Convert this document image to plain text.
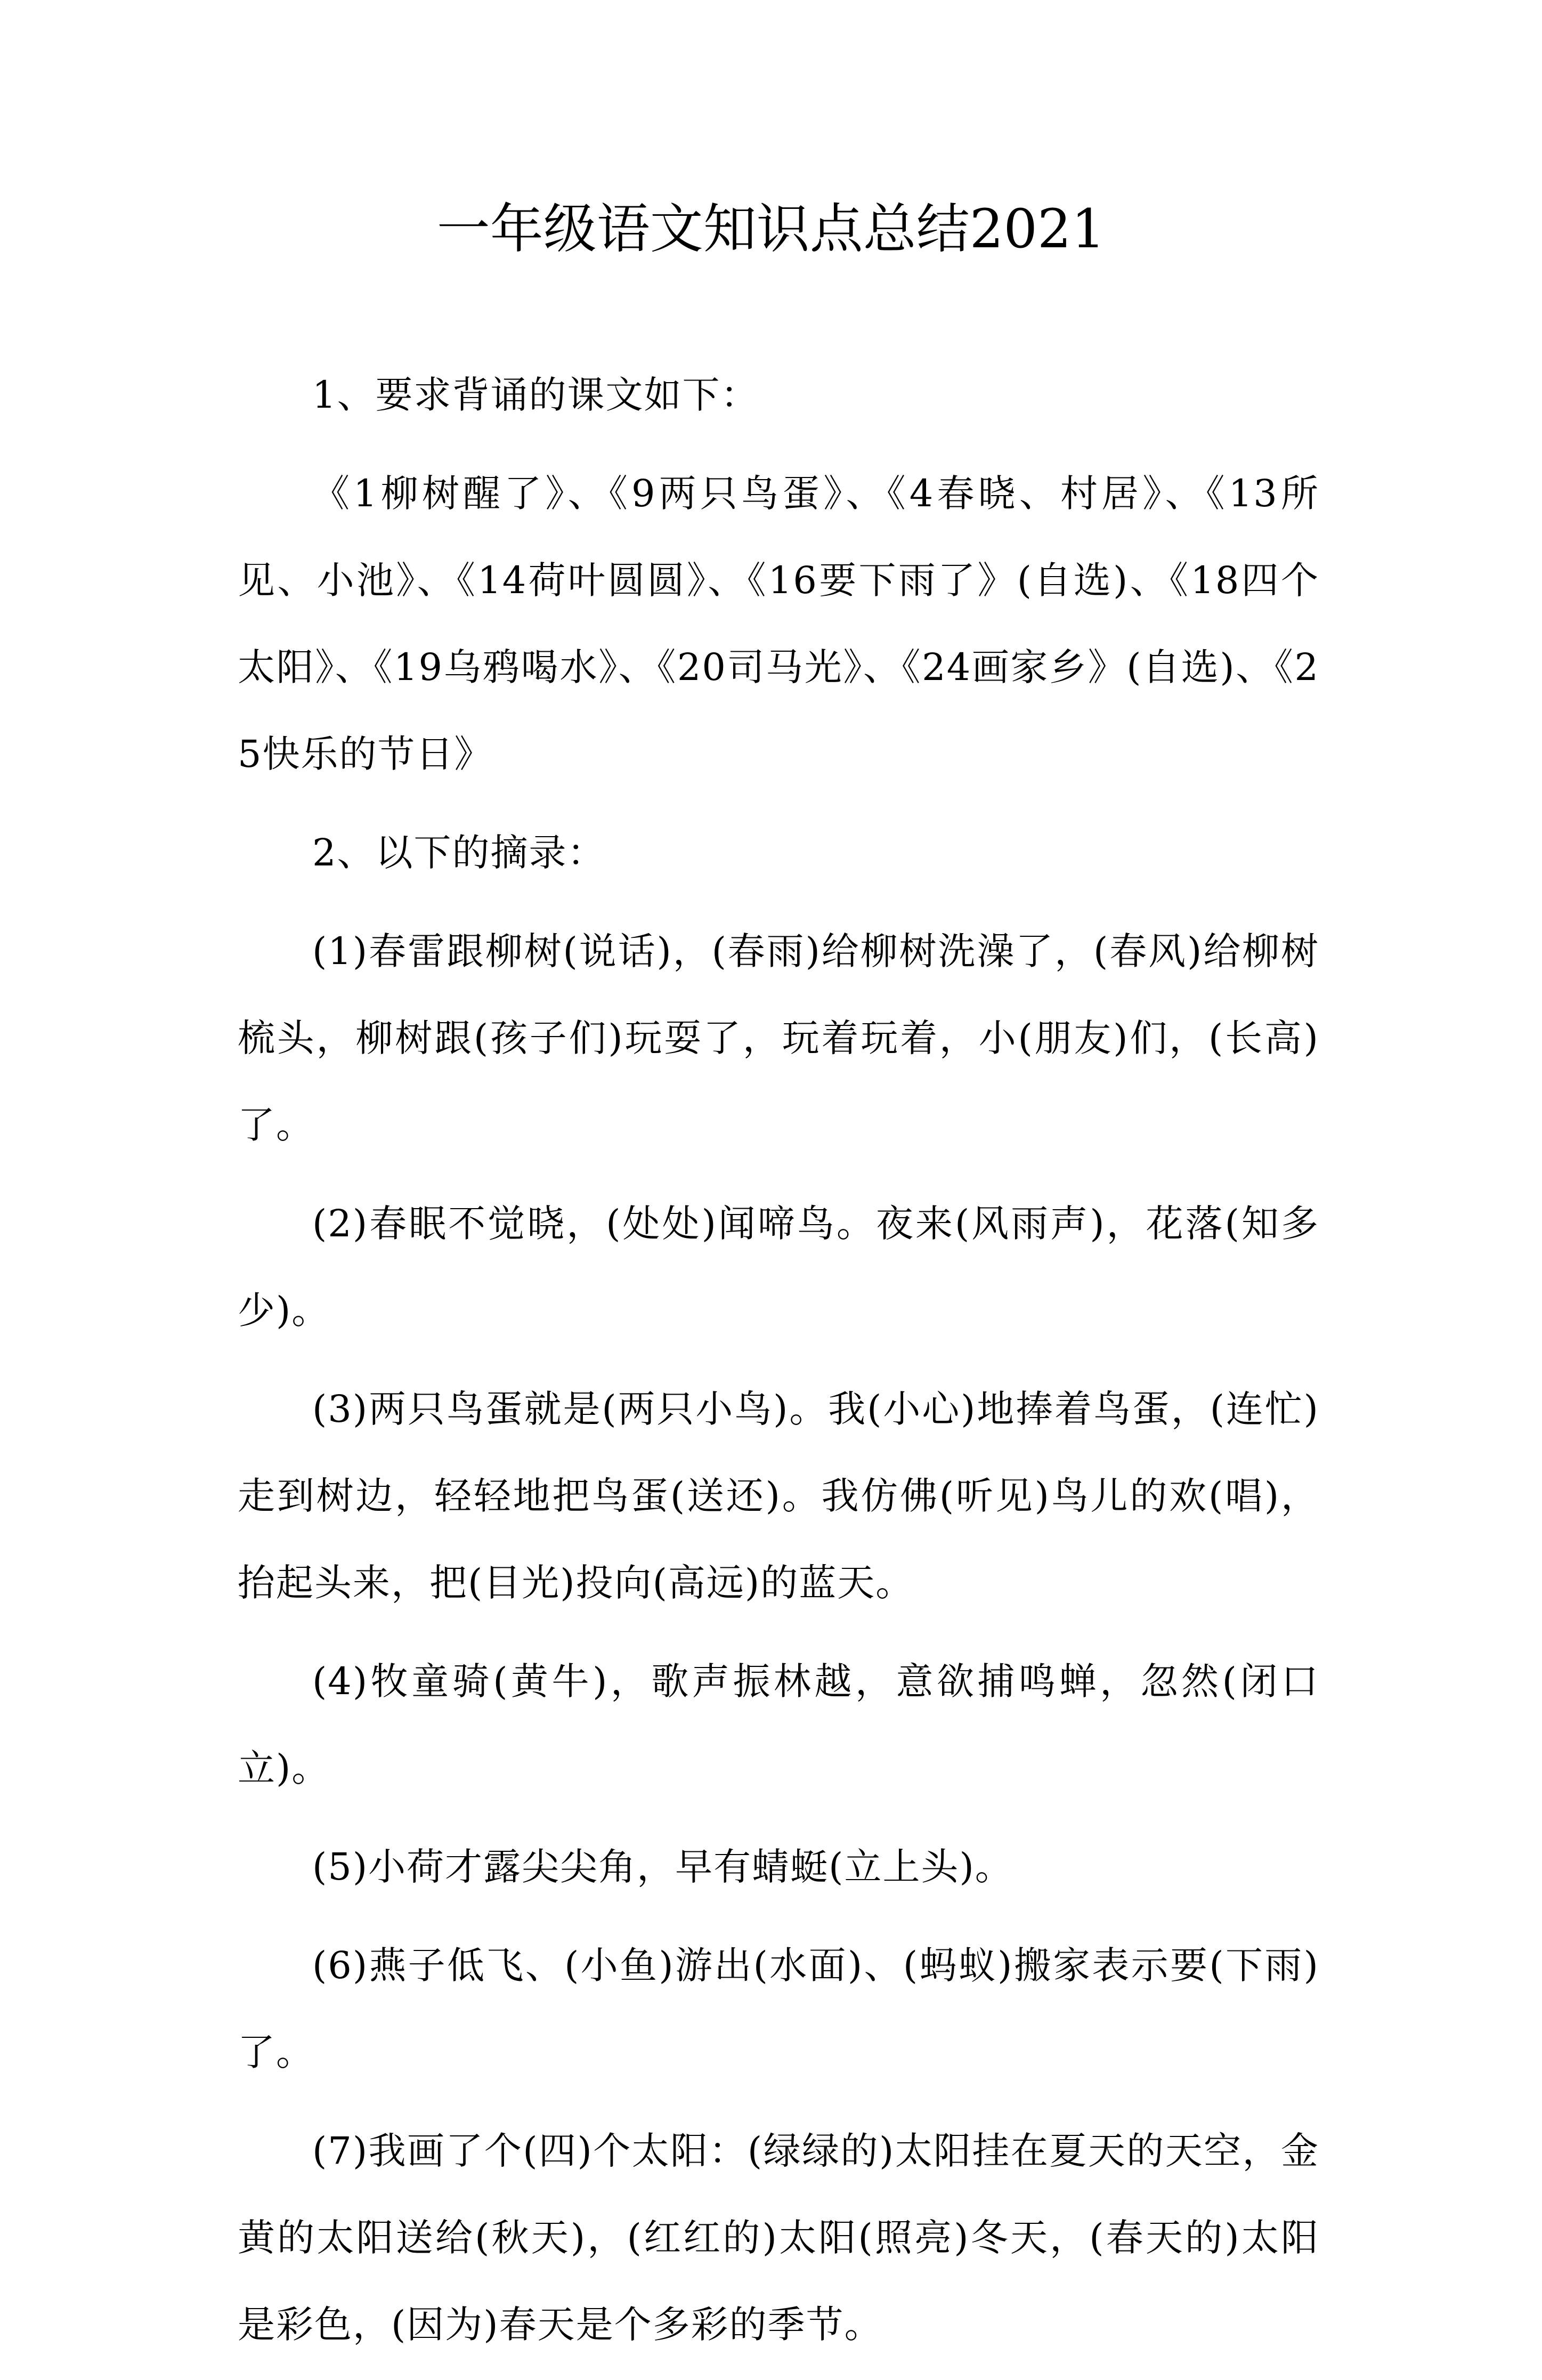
一年级语文知识点总结2021

1、要求背诵的课文如下：

《1柳树醒了》、《9两只鸟蛋》、《4春晓、村居》、《13所见、小池》、《14荷叶圆圆》、《16要下雨了》(自选)、《18四个太阳》、《19乌鸦喝水》、《20司马光》、《24画家乡》(自选)、《25快乐的节日》

2、以下的摘录：

(1)春雷跟柳树(说话)，(春雨)给柳树洗澡了，(春风)给柳树梳头，柳树跟(孩子们)玩耍了，玩着玩着，小(朋友)们，(长高)了。

(2)春眠不觉晓，(处处)闻啼鸟。夜来(风雨声)，花落(知多少)。

(3)两只鸟蛋就是(两只小鸟)。我(小心)地捧着鸟蛋，(连忙)走到树边，轻轻地把鸟蛋(送还)。我仿佛(听见)鸟儿的欢(唱)，抬起头来，把(目光)投向(高远)的蓝天。

(4)牧童骑(黄牛)，歌声振林越，意欲捕鸣蝉，忽然(闭口立)。

(5)小荷才露尖尖角，早有蜻蜓(立上头)。

(6)燕子低飞、(小鱼)游出(水面)、(蚂蚁)搬家表示要(下雨)了。

(7)我画了个(四)个太阳：(绿绿的)太阳挂在夏天的天空，金黄的太阳送给(秋天)，(红红的)太阳(照亮)冬天，(春天的)太阳是彩色，(因为)春天是个多彩的季节。
